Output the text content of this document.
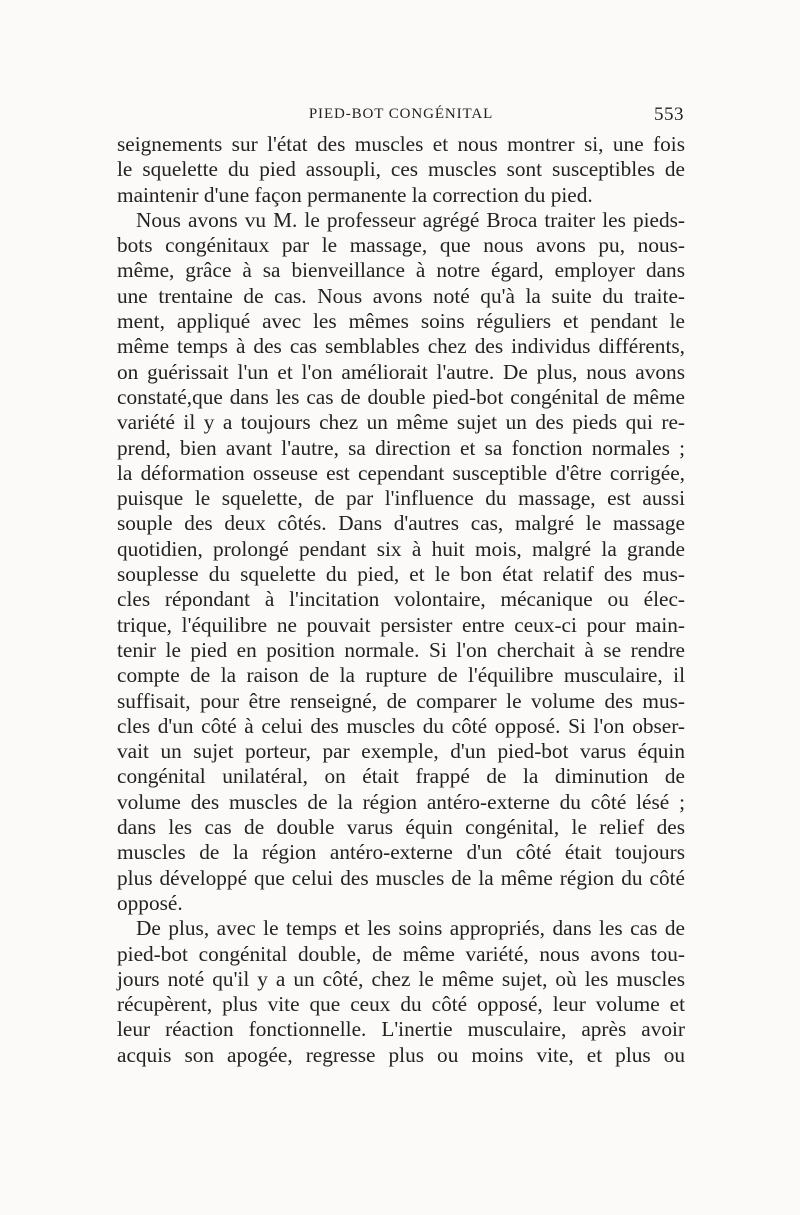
PIED-BOT CONGÉNITAL	553
seignements sur l'état des muscles et nous montrer si, une fois
le squelette du pied assoupli, ces muscles sont susceptibles de
maintenir d'une façon permanente la correction du pied.
Nous avons vu M. le professeur agrégé Broca traiter les pieds-
bots congénitaux par le massage, que nous avons pu, nous-
même, grâce à sa bienveillance à notre égard, employer dans
une trentaine de cas. Nous avons noté qu'à la suite du traite-
ment, appliqué avec les mêmes soins réguliers et pendant le
même temps à des cas semblables chez des individus différents,
on guérissait l'un et l'on améliorait l'autre. De plus, nous avons
constaté,que dans les cas de double pied-bot congénital de même
variété il y a toujours chez un même sujet un des pieds qui re-
prend, bien avant l'autre, sa direction et sa fonction normales ;
la déformation osseuse est cependant susceptible d'être corrigée,
puisque le squelette, de par l'influence du massage, est aussi
souple des deux côtés. Dans d'autres cas, malgré le massage
quotidien, prolongé pendant six à huit mois, malgré la grande
souplesse du squelette du pied, et le bon état relatif des mus-
cles répondant à l'incitation volontaire, mécanique ou élec-
trique, l'équilibre ne pouvait persister entre ceux-ci pour main-
tenir le pied en position normale. Si l'on cherchait à se rendre
compte de la raison de la rupture de l'équilibre musculaire, il
suffisait, pour être renseigné, de comparer le volume des mus-
cles d'un côté à celui des muscles du côté opposé. Si l'on obser-
vait un sujet porteur, par exemple, d'un pied-bot varus équin
congénital unilatéral, on était frappé de la diminution de
volume des muscles de la région antéro-externe du côté lésé ;
dans les cas de double varus équin congénital, le relief des
muscles de la région antéro-externe d'un côté était toujours
plus développé que celui des muscles de la même région du côté
opposé.
De plus, avec le temps et les soins appropriés, dans les cas de
pied-bot congénital double, de même variété, nous avons tou-
jours noté qu'il y a un côté, chez le même sujet, où les muscles
récupèrent, plus vite que ceux du côté opposé, leur volume et
leur réaction fonctionnelle. L'inertie musculaire, après avoir
acquis son apogée, regresse plus ou moins vite, et plus ou
